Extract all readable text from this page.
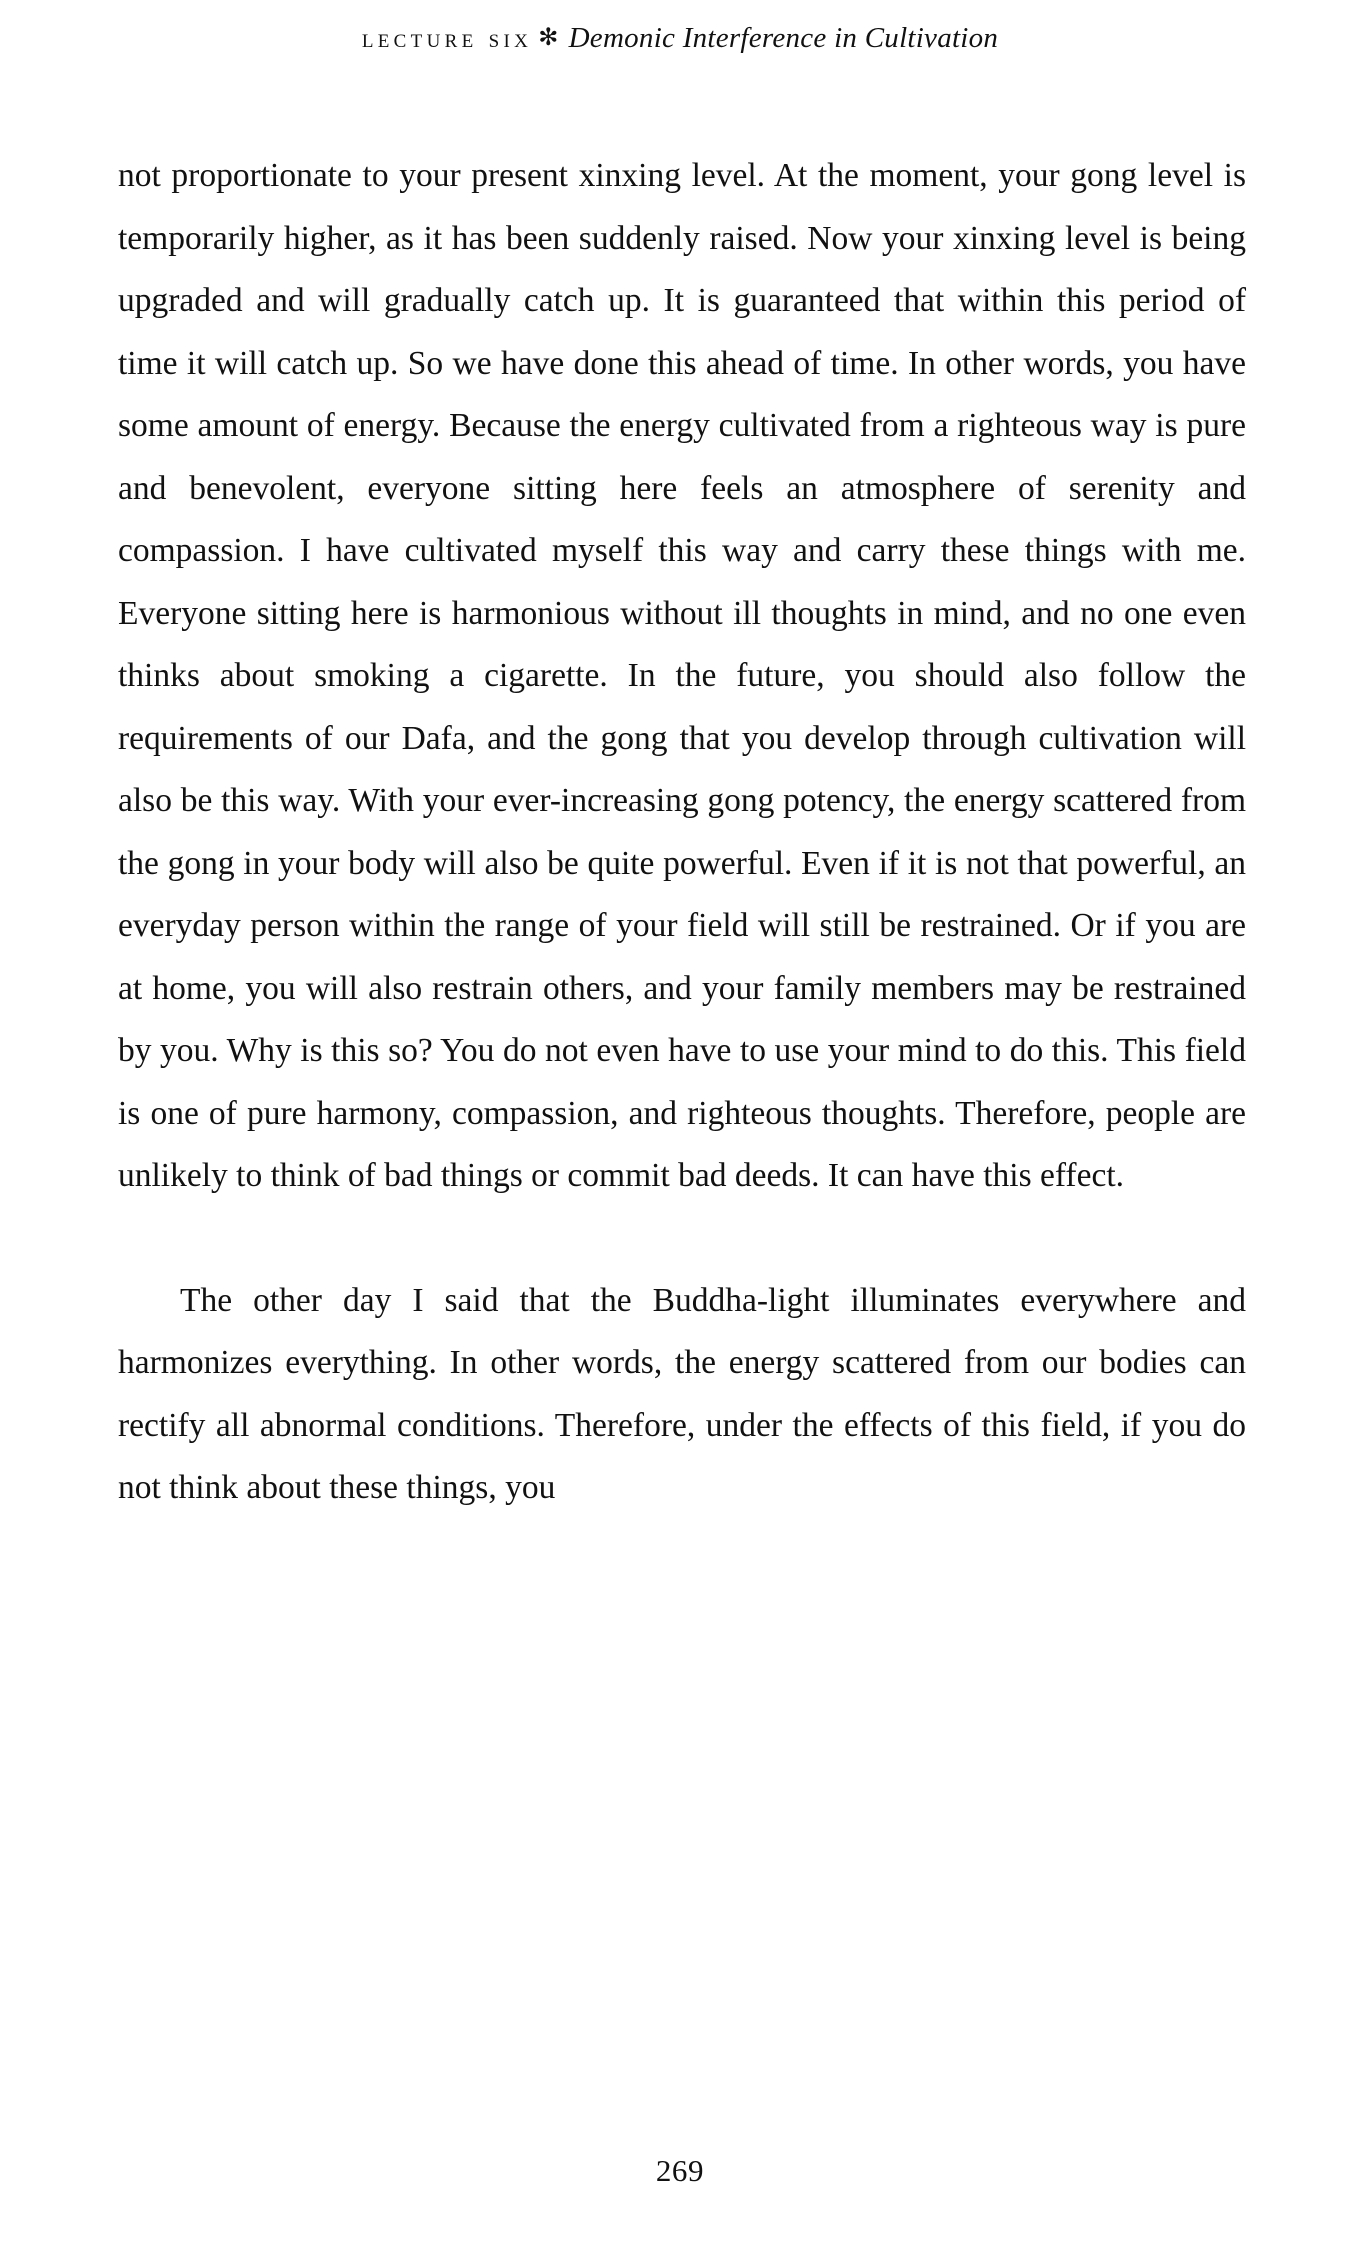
lecture six ✻ Demonic Interference in Cultivation

not proportionate to your present xinxing level. At the moment, your gong level is temporarily higher, as it has been suddenly raised. Now your xinxing level is being upgraded and will gradually catch up. It is guaranteed that within this period of time it will catch up. So we have done this ahead of time. In other words, you have some amount of energy. Because the energy cultivated from a righteous way is pure and benevolent, everyone sitting here feels an atmosphere of serenity and compassion. I have cultivated myself this way and carry these things with me. Everyone sitting here is harmonious without ill thoughts in mind, and no one even thinks about smoking a cigarette. In the future, you should also follow the requirements of our Dafa, and the gong that you develop through cultivation will also be this way. With your ever-increasing gong potency, the energy scattered from the gong in your body will also be quite powerful. Even if it is not that powerful, an everyday person within the range of your field will still be restrained. Or if you are at home, you will also restrain others, and your family members may be restrained by you. Why is this so? You do not even have to use your mind to do this. This field is one of pure harmony, compassion, and righteous thoughts. Therefore, people are unlikely to think of bad things or commit bad deeds. It can have this effect.

The other day I said that the Buddha-light illuminates everywhere and harmonizes everything. In other words, the energy scattered from our bodies can rectify all abnormal conditions. Therefore, under the effects of this field, if you do not think about these things, you

269
